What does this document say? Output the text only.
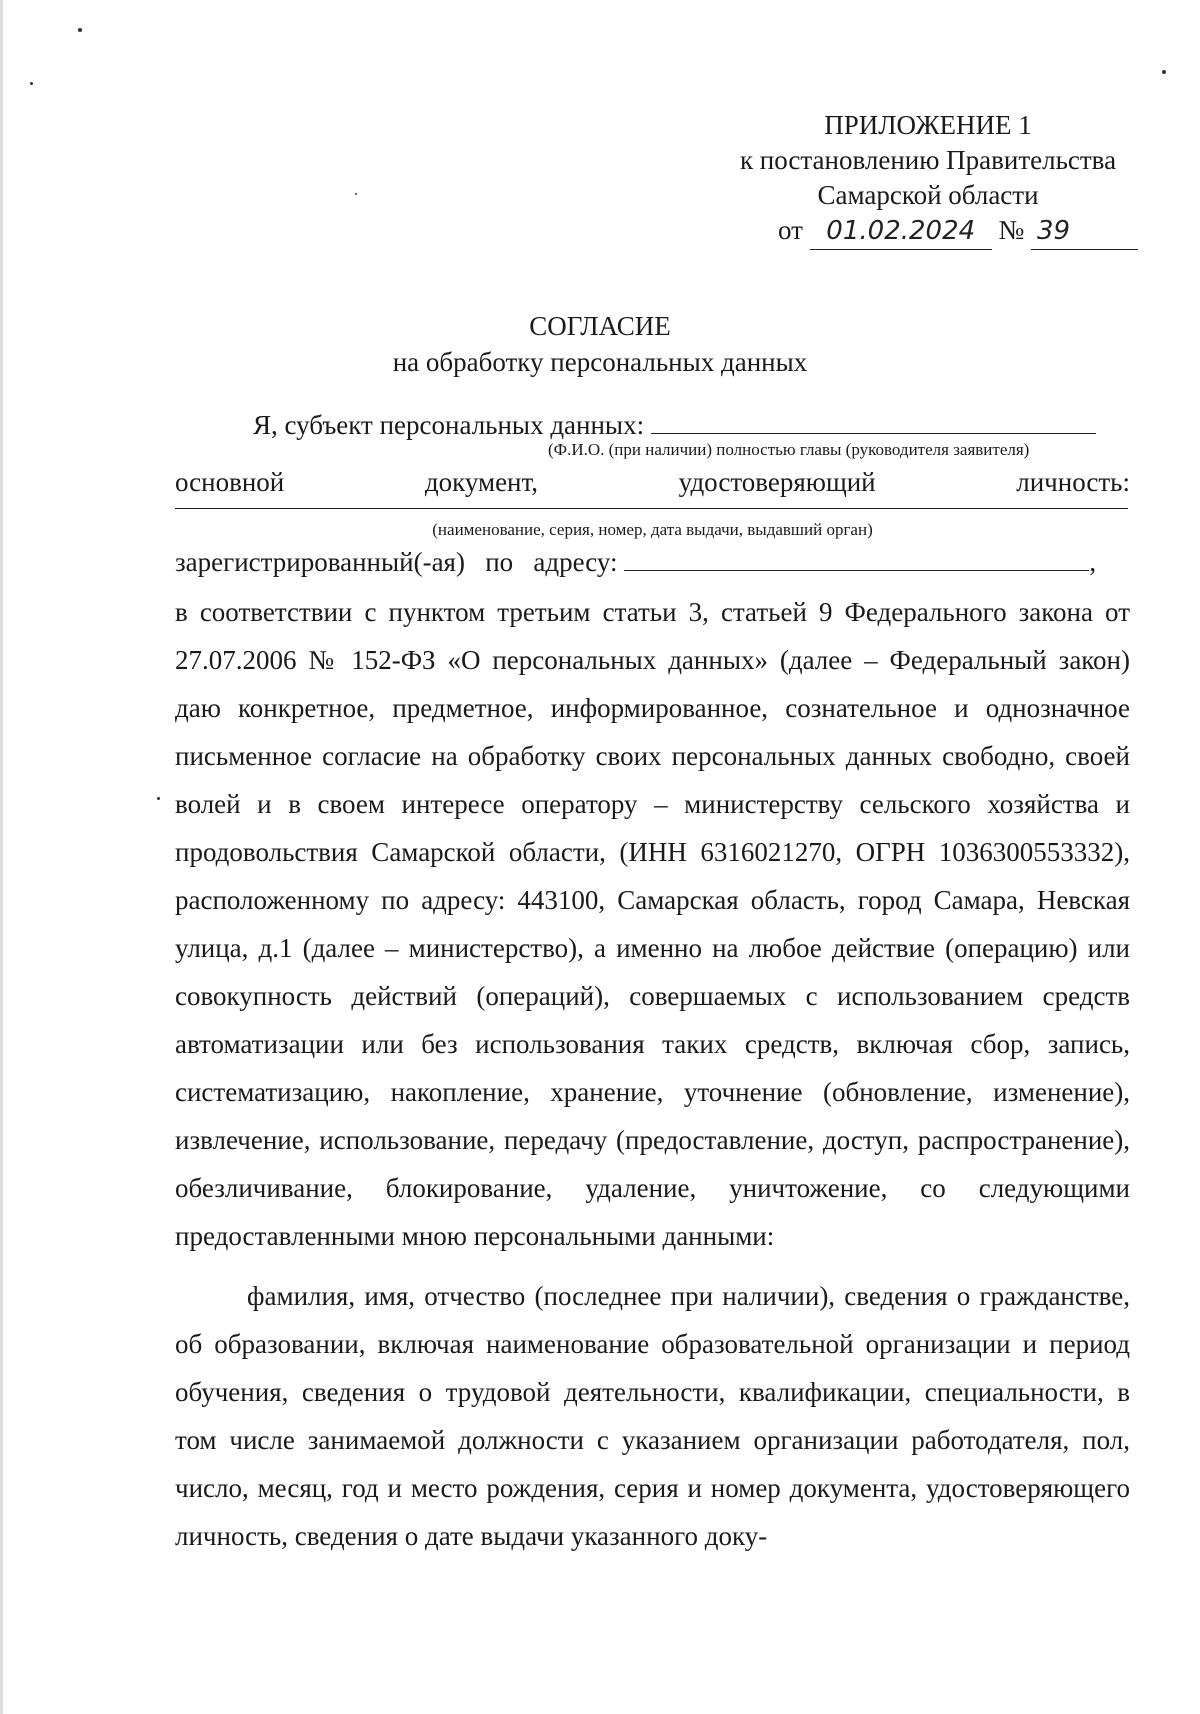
ПРИЛОЖЕНИЕ 1
к постановлению Правительства
Самарской области
от 01.02.2024 № 39
СОГЛАСИЕ
на обработку персональных данных
Я, субъект персональных данных:
(Ф.И.О. (при наличии) полностью главы (руководителя заявителя)
основной	документ,	удостоверяющий	личность:
(наименование, серия, номер, дата выдачи, выдавший орган)
зарегистрированный(-ая)   по   адресу:	,

в соответствии с пунктом третьим статьи 3, статьей 9 Федерального закона от 27.07.2006 № 152-ФЗ «О персональных данных» (далее – Федеральный закон) даю конкретное, предметное, информированное, сознательное и однозначное письменное согласие на обработку своих персональных данных свободно, своей волей и в своем интересе оператору – министерству сельского хозяйства и продовольствия Самарской области, (ИНН 6316021270, ОГРН 1036300553332), расположенному по адресу: 443100, Самарская область, город Самара, Невская улица, д.1 (далее – министерство), а именно на любое действие (операцию) или совокупность действий (операций), совершаемых с использованием средств автоматизации или без использования таких средств, включая сбор, запись, систематизацию, накопление, хранение, уточнение (обновление, изменение), извлечение, использование, передачу (предоставление, доступ, распространение), обезличивание, блокирование, удаление, уничтожение, со следующими предоставленными мною персональными данными:

фамилия, имя, отчество (последнее при наличии), сведения о гражданстве, об образовании, включая наименование образовательной организации и период обучения, сведения о трудовой деятельности, квалификации, специальности, в том числе занимаемой должности с указанием организации работодателя, пол, число, месяц, год и место рождения, серия и номер документа, удостоверяющего личность, сведения о дате выдачи указанного доку-
